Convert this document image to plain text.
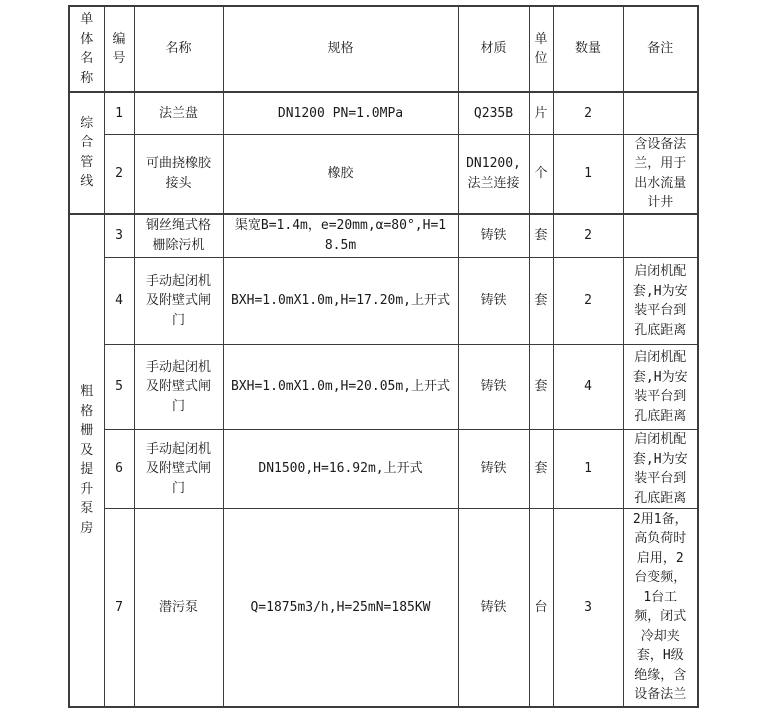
单体名称	编号	名称	规格	材质	单位	数量	备注
综合管线	1	法兰盘	DN1200 PN=1.0MPa	Q235B	片	2	
	2	可曲挠橡胶接头	橡胶	DN1200,法兰连接	个	1	含设备法兰，用于出水流量计井
粗格栅及提升泵房	3	钢丝绳式格栅除污机	渠宽B=1.4m，e=20mm,α=80°,H=18.5m	铸铁	套	2	
	4	手动起闭机及附壁式闸门	BXH=1.0mX1.0m,H=17.20m,上开式	铸铁	套	2	启闭机配套,H为安装平台到孔底距离
	5	手动起闭机及附壁式闸门	BXH=1.0mX1.0m,H=20.05m,上开式	铸铁	套	4	启闭机配套,H为安装平台到孔底距离
	6	手动起闭机及附壁式闸门	DN1500,H=16.92m,上开式	铸铁	套	1	启闭机配套,H为安装平台到孔底距离
	7	潜污泵	Q=1875m3/h,H=25mN=185KW	铸铁	台	3	2用1备，高负荷时启用，2台变频，1台工频，闭式冷却夹套，H级绝缘，含设备法兰
